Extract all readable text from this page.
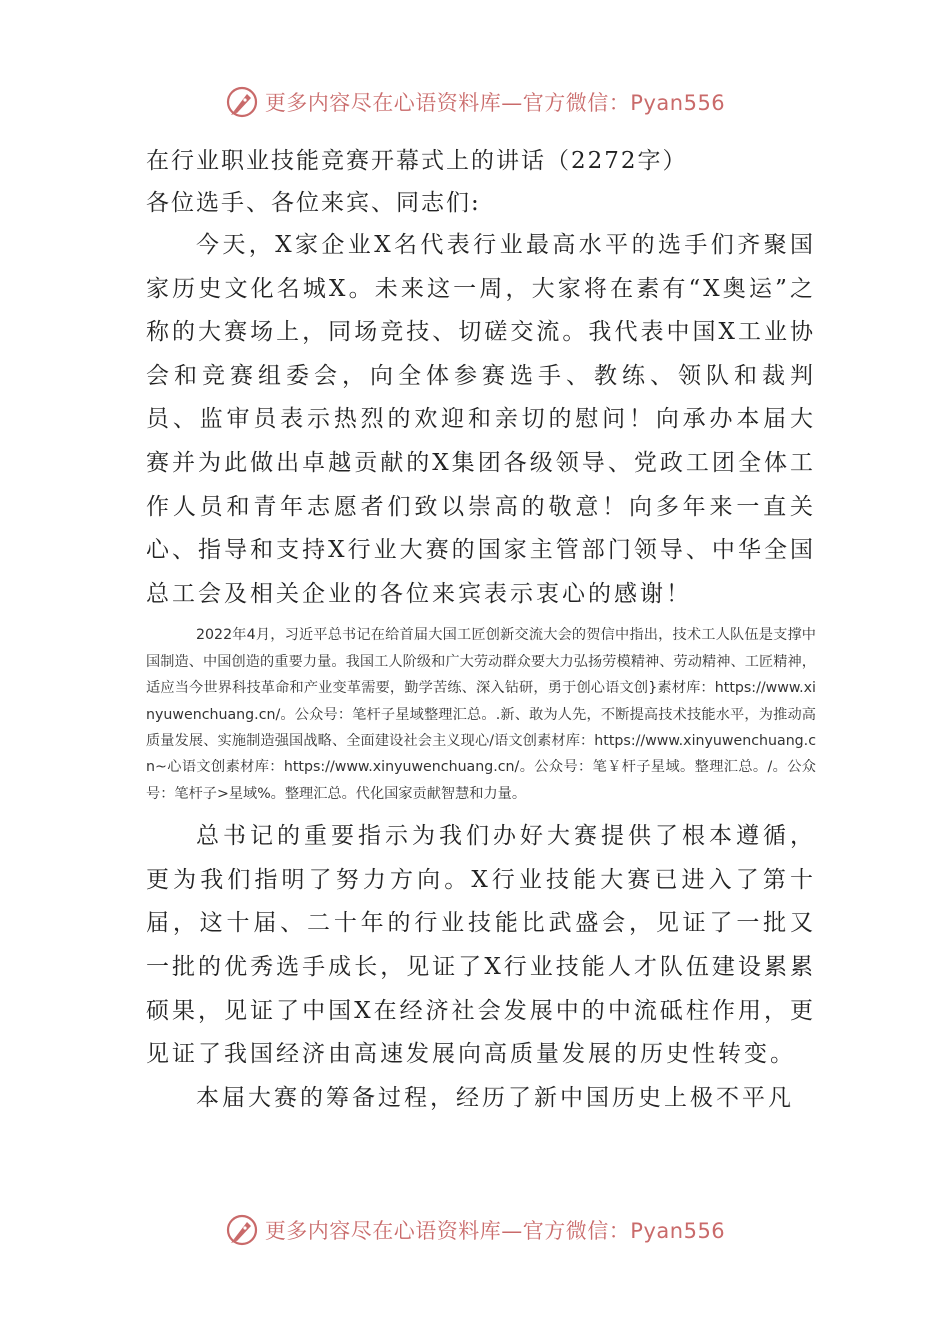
更多内容尽在心语资料库—官方微信：Pyan556

在行业职业技能竞赛开幕式上的讲话（2272字）

各位选手、各位来宾、同志们:

今天，X家企业X名代表行业最高水平的选手们齐聚国家历史文化名城X。未来这一周，大家将在素有“X奥运”之称的大赛场上，同场竞技、切磋交流。我代表中国X工业协会和竞赛组委会，向全体参赛选手、教练、领队和裁判员、监审员表示热烈的欢迎和亲切的慰问！向承办本届大赛并为此做出卓越贡献的X集团各级领导、党政工团全体工作人员和青年志愿者们致以崇高的敬意！向多年来一直关心、指导和支持X行业大赛的国家主管部门领导、中华全国总工会及相关企业的各位来宾表示衷心的感谢！

2022年4月，习近平总书记在给首届大国工匠创新交流大会的贺信中指出，技术工人队伍是支撑中国制造、中国创造的重要力量。我国工人阶级和广大劳动群众要大力弘扬劳模精神、劳动精神、工匠精神，适应当今世界科技革命和产业变革需要，勤学苦练、深入钻研，勇于创心语文创}素材库：https://www.xinyuwenchuang.cn/。公众号：笔杆子星域整理汇总。.新、敢为人先，不断提高技术技能水平，为推动高质量发展、实施制造强国战略、全面建设社会主义现心/语文创素材库：https://www.xinyuwenchuang.cn~心语文创素材库：https://www.xinyuwenchuang.cn/。公众号：笔￥杆子星域。整理汇总。/。公众号：笔杆子>星域%。整理汇总。代化国家贡献智慧和力量。

总书记的重要指示为我们办好大赛提供了根本遵循，更为我们指明了努力方向。X行业技能大赛已进入了第十届，这十届、二十年的行业技能比武盛会，见证了一批又一批的优秀选手成长，见证了X行业技能人才队伍建设累累硕果，见证了中国X在经济社会发展中的中流砥柱作用，更见证了我国经济由高速发展向高质量发展的历史性转变。

本届大赛的筹备过程，经历了新中国历史上极不平凡

更多内容尽在心语资料库—官方微信：Pyan556
